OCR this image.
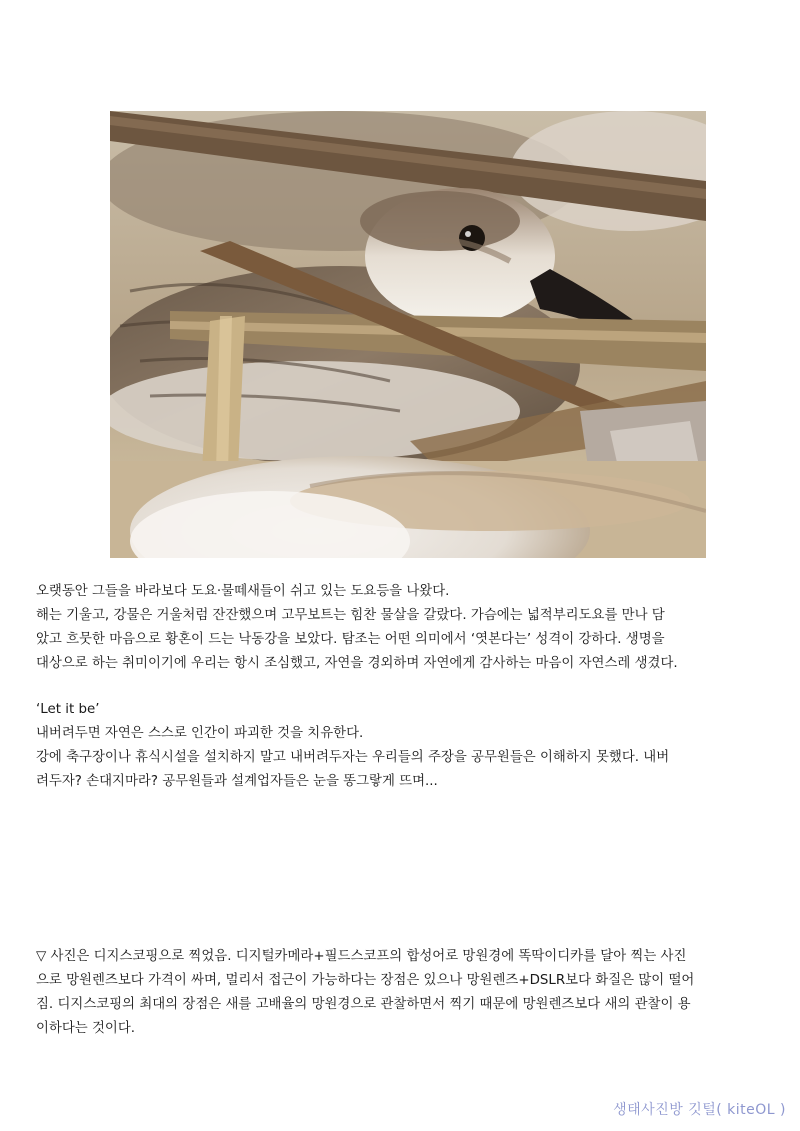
오랫동안 그들을 바라보다 도요·물떼새들이 쉬고 있는 도요등을 나왔다.
해는 기울고, 강물은 거울처럼 잔잔했으며 고무보트는 힘찬 물살을 갈랐다. 가슴에는 넓적부리도요를 만나 담
았고 흐뭇한 마음으로 황혼이 드는 낙동강을 보았다. 탐조는 어떤 의미에서 ‘엿본다는’ 성격이 강하다. 생명을
대상으로 하는 취미이기에 우리는 항시 조심했고, 자연을 경외하며 자연에게 감사하는 마음이 자연스레 생겼다.

‘Let it be’
내버려두면 자연은 스스로 인간이 파괴한 것을 치유한다.
강에 축구장이나 휴식시설을 설치하지 말고 내버려두자는 우리들의 주장을 공무원들은 이해하지 못했다. 내버
려두자? 손대지마라? 공무원들과 설계업자들은 눈을 똥그랗게 뜨며...

▽ 사진은 디지스코핑으로 찍었음. 디지털카메라+필드스코프의 합성어로 망원경에 똑딱이디카를 달아 찍는 사진
으로 망원렌즈보다 가격이 싸며, 멀리서 접근이 가능하다는 장점은 있으나 망원렌즈+DSLR보다 화질은 많이 떨어
짐. 디지스코핑의 최대의 장점은 새를 고배율의 망원경으로 관찰하면서 찍기 때문에 망원렌즈보다 새의 관찰이 용
이하다는 것이다.

생태사진방 깃털( kiteOL )
